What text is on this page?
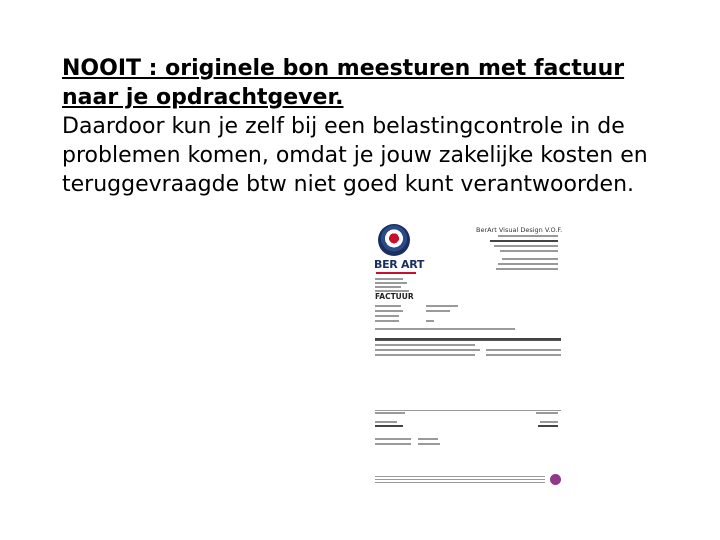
NOOIT : originele bon meesturen met factuur
naar je opdrachtgever.
Daardoor kun je zelf bij een belastingcontrole in de
problemen komen, omdat je jouw zakelijke kosten en
teruggevraagde btw niet goed kunt verantwoorden.
BER ART
BerArt Visual Design V.O.F.
FACTUUR
